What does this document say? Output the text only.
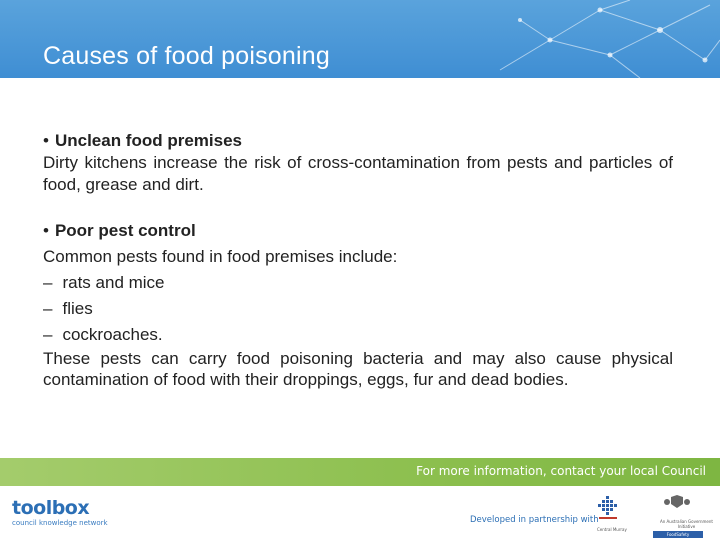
Causes of food poisoning
• Unclean food premises
Dirty kitchens increase the risk of cross-contamination from pests and particles of food, grease and dirt.
• Poor pest control
Common pests found in food premises include:
– rats and mice
– flies
– cockroaches.
These pests can carry food poisoning bacteria and may also cause physical contamination of food with their droppings, eggs, fur and dead bodies.
For more information, contact your local Council
toolbox
council knowledge network	Developed in partnership with
Central Murray
An Australian Government Initiative
FoodSafety
